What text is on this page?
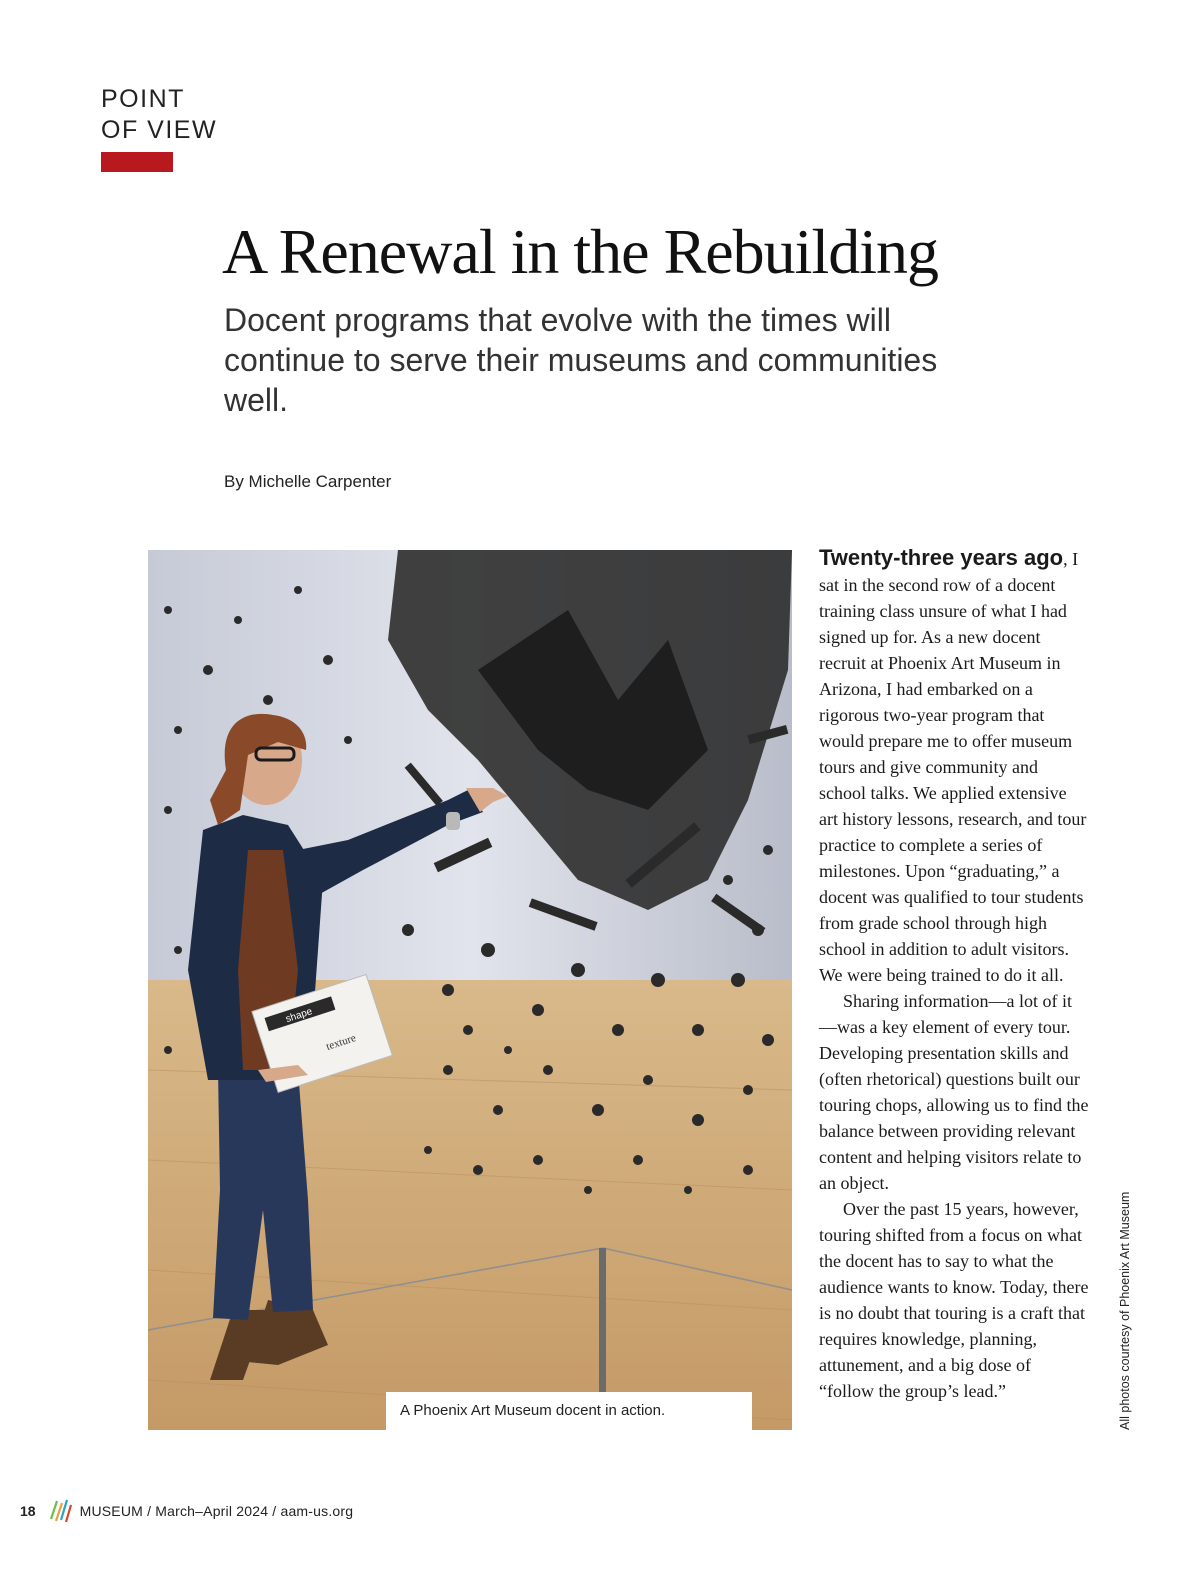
POINT
OF VIEW
A Renewal in the Rebuilding
Docent programs that evolve with the times will continue to serve their museums and communities well.
By Michelle Carpenter
shape
texture
A Phoenix Art Museum docent in action.

Twenty-three years ago, I sat in the second row of a docent training class unsure of what I had signed up for. As a new docent recruit at Phoenix Art Museum in Arizona, I had embarked on a rigorous two-year program that would prepare me to offer museum tours and give community and school talks. We applied extensive art history lessons, research, and tour practice to complete a series of milestones. Upon “graduating,” a docent was qualified to tour students from grade school through high school in addition to adult visitors. We were being trained to do it all.

Sharing information—a lot of it—was a key element of every tour. Developing presentation skills and (often rhetorical) questions built our touring chops, allowing us to find the balance between providing relevant content and helping visitors relate to an object.

Over the past 15 years, however, touring shifted from a focus on what the docent has to say to what the audience wants to know. Today, there is no doubt that touring is a craft that requires knowledge, planning, attunement, and a big dose of “follow the group’s lead.”	All photos courtesy of Phoenix Art Museum
18	MUSEUM / March–April 2024 / aam-us.org
